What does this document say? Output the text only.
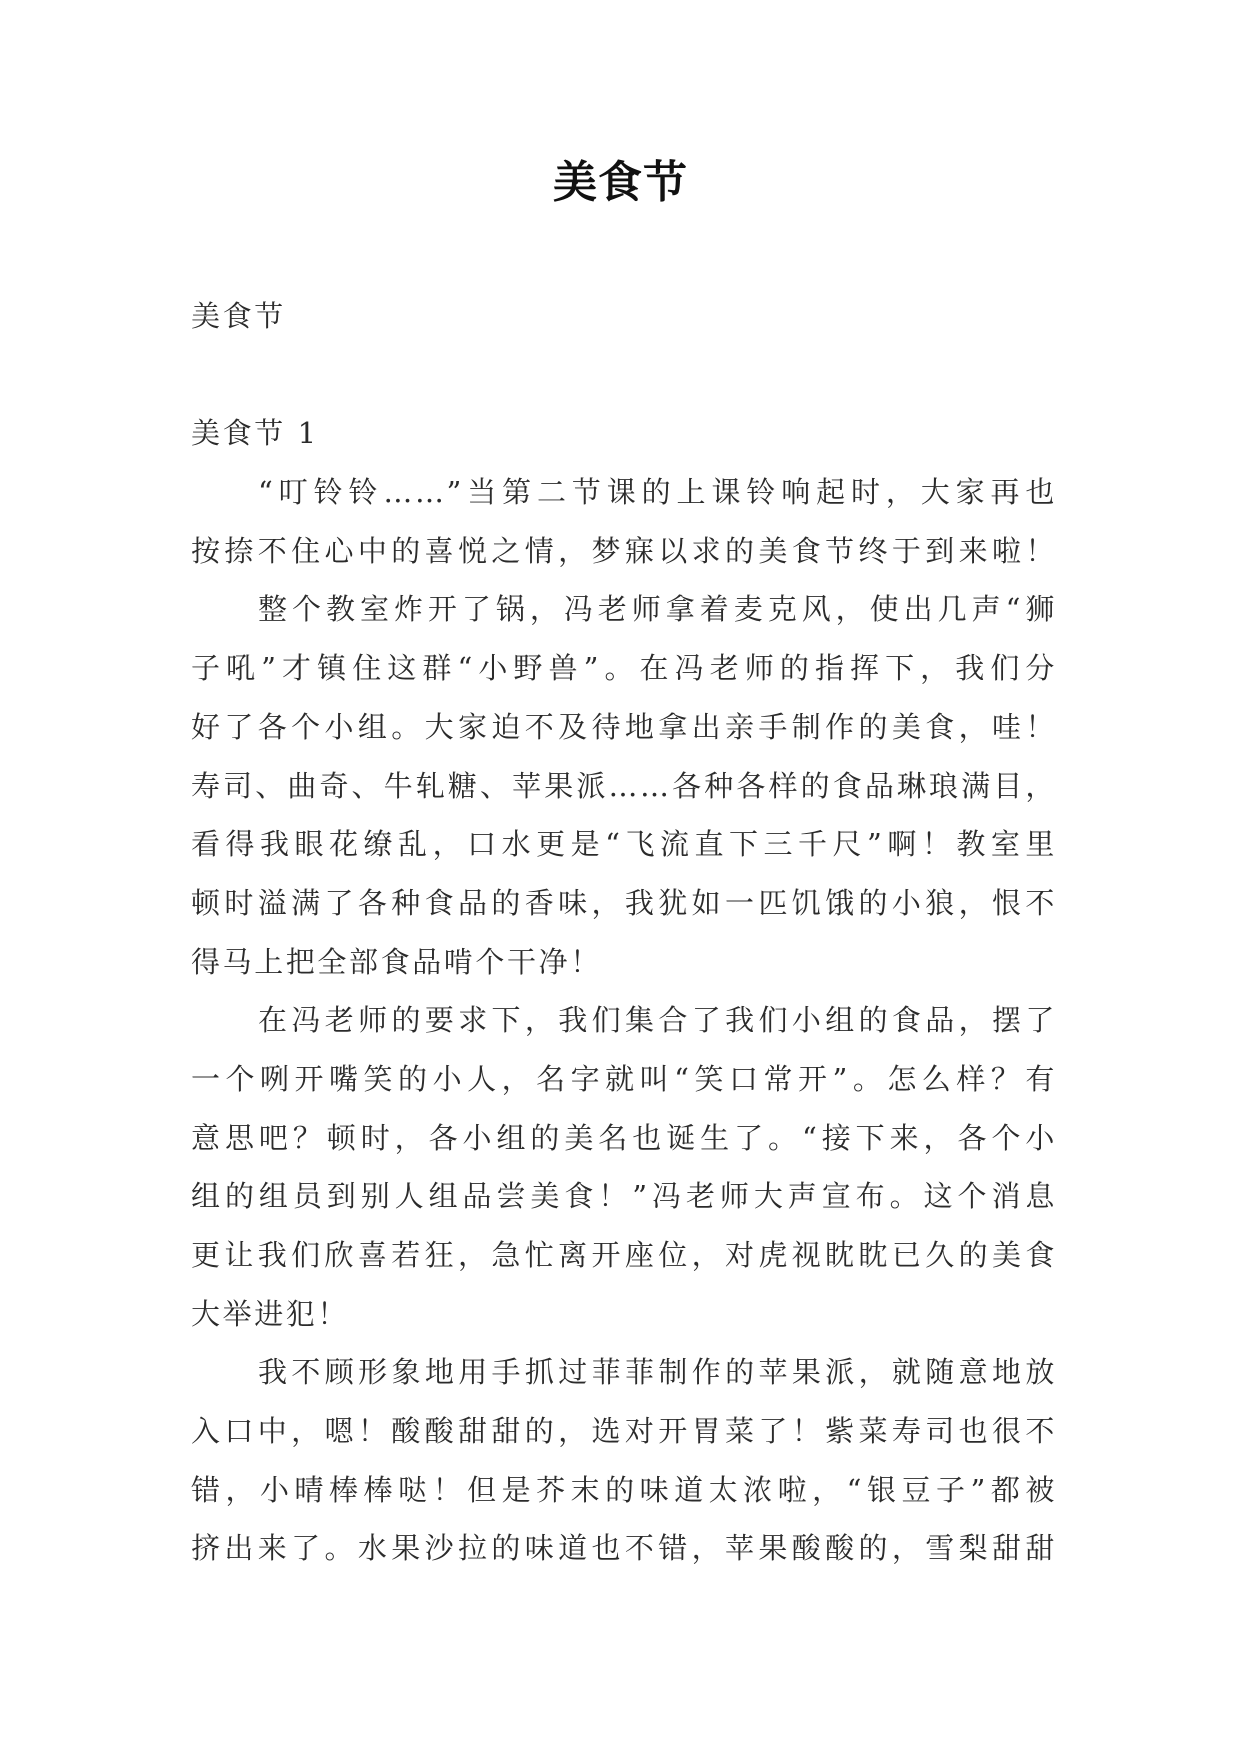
美食节
美食节
美食节 1
“叮铃铃……”当第二节课的上课铃响起时，大家再也
按捺不住心中的喜悦之情，梦寐以求的美食节终于到来啦！
整个教室炸开了锅，冯老师拿着麦克风，使出几声“狮
子吼”才镇住这群“小野兽”。在冯老师的指挥下，我们分
好了各个小组。大家迫不及待地拿出亲手制作的美食，哇！
寿司、曲奇、牛轧糖、苹果派……各种各样的食品琳琅满目，
看得我眼花缭乱，口水更是“飞流直下三千尺”啊！教室里
顿时溢满了各种食品的香味，我犹如一匹饥饿的小狼，恨不
得马上把全部食品啃个干净！
在冯老师的要求下，我们集合了我们小组的食品，摆了
一个咧开嘴笑的小人，名字就叫“笑口常开”。怎么样？有
意思吧？顿时，各小组的美名也诞生了。“接下来，各个小
组的组员到别人组品尝美食！”冯老师大声宣布。这个消息
更让我们欣喜若狂，急忙离开座位，对虎视眈眈已久的美食
大举进犯！
我不顾形象地用手抓过菲菲制作的苹果派，就随意地放
入口中，嗯！酸酸甜甜的，选对开胃菜了！紫菜寿司也很不
错，小晴棒棒哒！但是芥末的味道太浓啦，“银豆子”都被
挤出来了。水果沙拉的味道也不错，苹果酸酸的，雪梨甜甜
